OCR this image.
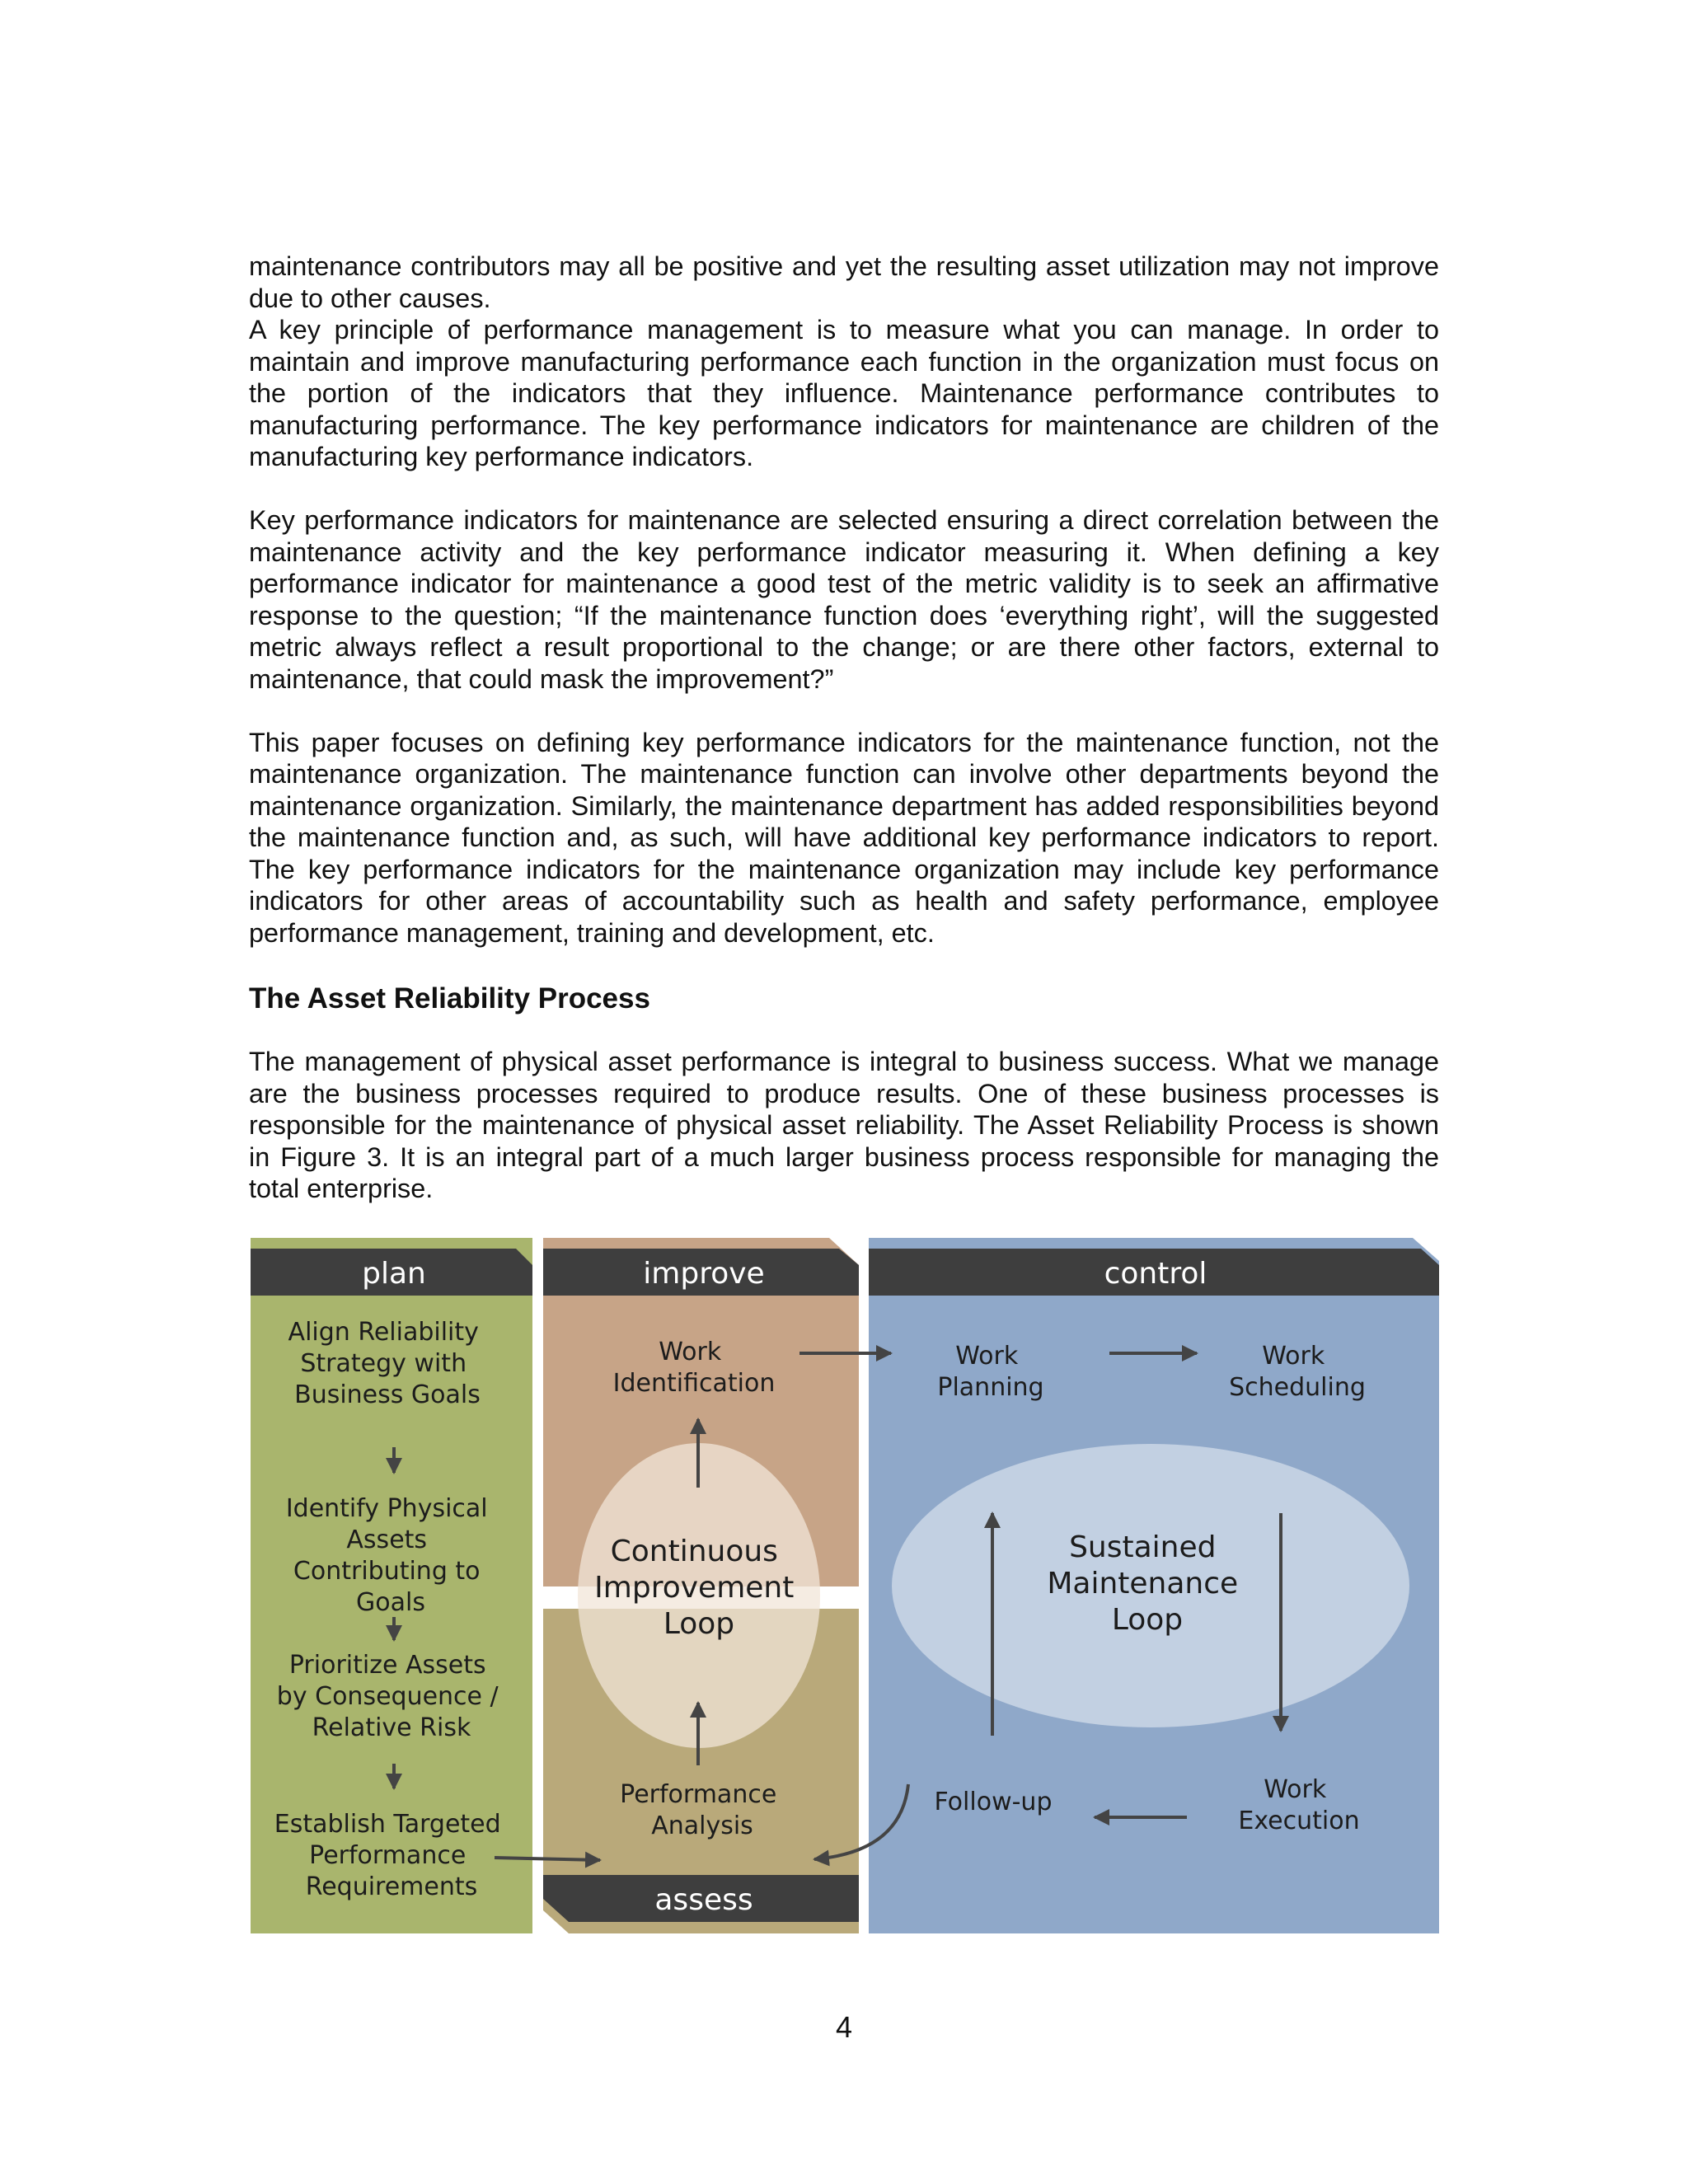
maintenance contributors may all be positive and yet the resulting asset utilization may not improve due to other causes.

A key principle of performance management is to measure what you can manage. In order to maintain and improve manufacturing performance each function in the organization must focus on the portion of the indicators that they influence. Maintenance performance contributes to manufacturing performance. The key performance indicators for maintenance are children of the manufacturing key performance indicators.

Key performance indicators for maintenance are selected ensuring a direct correlation between the maintenance activity and the key performance indicator measuring it. When defining a key performance indicator for maintenance a good test of the metric validity is to seek an affirmative response to the question; “If the maintenance function does ‘everything right’, will the suggested metric always reflect a result proportional to the change; or are there other factors, external to maintenance, that could mask the improvement?”

This paper focuses on defining key performance indicators for the maintenance function, not the maintenance organization. The maintenance function can involve other departments beyond the maintenance organization. Similarly, the maintenance department has added responsibilities beyond the maintenance function and, as such, will have additional key performance indicators to report. The key performance indicators for the maintenance organization may include key performance indicators for other areas of accountability such as health and safety performance, employee performance management, training and development, etc.

The Asset Reliability Process

The management of physical asset performance is integral to business success. What we manage are the business processes required to produce results. One of these business processes is responsible for the maintenance of physical asset reliability. The Asset Reliability Process is shown in Figure 3. It is an integral part of a much larger business process responsible for managing the total enterprise.

plan
Align Reliability Strategy with Business Goals
Identify Physical Assets Contributing to Goals
Prioritize Assets by Consequence / Relative Risk
Establish Targeted Performance Requirements
improve
Work Identification
Continuous Improvement Loop
Performance Analysis
assess
control
Work Planning
Work Scheduling
Sustained Maintenance Loop
Follow-up	Work Execution
4
